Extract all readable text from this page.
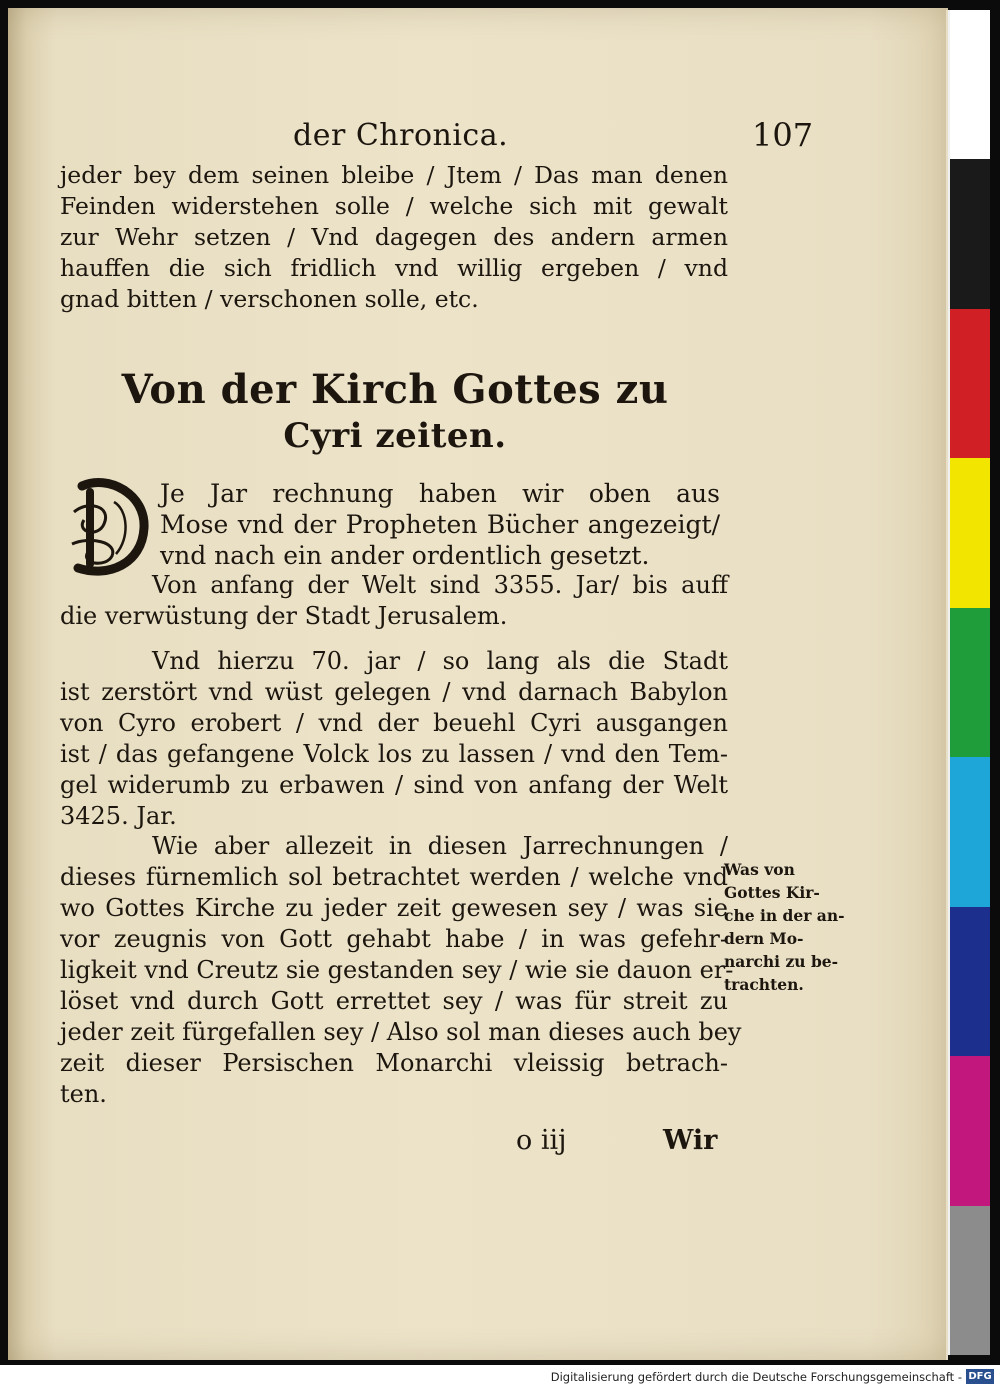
der Chronica.	107
jeder bey dem seinen bleibe / Jtem / Das man denen
Feinden widerstehen solle / welche sich mit gewalt
zur Wehr setzen / Vnd dagegen des andern armen
hauffen die sich fridlich vnd willig ergeben / vnd
gnad bitten / verschonen solle, etc.
Von der Kirch Gottes zu
Cyri zeiten.
Je Jar rechnung haben wir oben aus
Mose vnd der Propheten Bücher angezeigt/
vnd nach ein ander ordentlich gesetzt.
Von anfang der Welt sind 3355. Jar/ bis auff
die verwüstung der Stadt Jerusalem.
Vnd hierzu 70. jar / so lang als die Stadt
ist zerstört vnd wüst gelegen / vnd darnach Babylon
von Cyro erobert / vnd der beuehl Cyri ausgangen
ist / das gefangene Volck los zu lassen / vnd den Tem-
gel widerumb zu erbawen / sind von anfang der Welt
3425. Jar.
Wie aber allezeit in diesen Jarrechnungen /
dieses fürnemlich sol betrachtet werden / welche vnd
wo Gottes Kirche zu jeder zeit gewesen sey / was sie
vor zeugnis von Gott gehabt habe / in was gefehr-
ligkeit vnd Creutz sie gestanden sey / wie sie dauon er-
löset vnd durch Gott errettet sey / was für streit zu
jeder zeit fürgefallen sey / Also sol man dieses auch bey
zeit dieser Persischen Monarchi vleissig betrach-
ten.
Was von
Gottes Kir-
che in der an-
dern Mo-
narchi zu be-
trachten.
o iij	Wir
Digitalisierung gefördert durch die Deutsche Forschungsgemeinschaft - DFG
